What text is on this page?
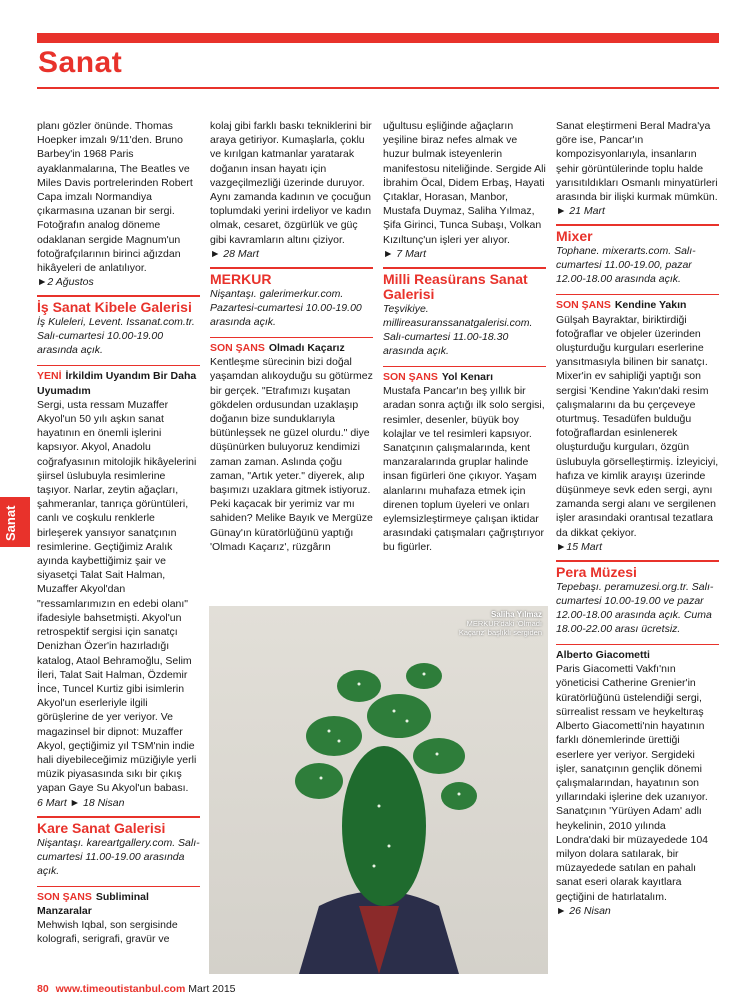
Sanat
Sanat

planı gözler önünde. Thomas Hoepker imzalı 9/11'den. Bruno Barbey'in 1968 Paris ayaklanmalarına, The Beatles ve Miles Davis portrelerinden Robert Capa imzalı Normandiya çıkarmasına uzanan bir sergi. Fotoğrafın analog döneme odaklanan sergide Magnum'un fotoğrafçılarının birinci ağızdan hikâyeleri de anlatılıyor.

►2 Ağustos

İş Sanat Kibele Galerisi

İş Kuleleri, Levent. Issanat.com.tr. Salı-cumartesi 10.00-19.00 arasında açık.

YENİ İrkildim Uyandım Bir Daha Uyumadım

Sergi, usta ressam Muzaffer Akyol'un 50 yılı aşkın sanat hayatının en önemli işlerini kapsıyor. Akyol, Anadolu coğrafyasının mitolojik hikâyelerini şiirsel üslubuyla resimlerine taşıyor. Narlar, zeytin ağaçları, şahmeranlar, tanrıça görüntüleri, canlı ve coşkulu renklerle birleşerek yansıyor sanatçının resimlerine. Geçtiğimiz Aralık ayında kaybettiğimiz şair ve siyasetçi Talat Sait Halman, Muzaffer Akyol'dan "ressamlarımızın en edebi olanı" ifadesiyle bahsetmişti. Akyol'un retrospektif sergisi için sanatçı Denizhan Özer'in hazırladığı katalog, Ataol Behramoğlu, Selim İleri, Talat Sait Halman, Özdemir İnce, Tuncel Kurtiz gibi isimlerin Akyol'un eserleriyle ilgili görüşlerine de yer veriyor. Ve magazinsel bir dipnot: Muzaffer Akyol, geçtiğimiz yıl TSM'nin indie hali diyebileceğimiz müziğiyle yerli müzik piyasasında sıkı bir çıkış yapan Gaye Su Akyol'un babası.

6 Mart ► 18 Nisan

Kare Sanat Galerisi

Nişantaşı. kareartgallery.com. Salı-cumartesi 11.00-19.00 arasında açık.

SON ŞANS Subliminal Manzaralar

Mehwish Iqbal, son sergisinde kolografi, serigrafi, gravür ve

kolaj gibi farklı baskı tekniklerini bir araya getiriyor. Kumaşlarla, çoklu ve kırılgan katmanlar yaratarak doğanın insan hayatı için vazgeçilmezliği üzerinde duruyor. Aynı zamanda kadının ve çocuğun toplumdaki yerini irdeliyor ve kadın olmak, cesaret, özgürlük ve güç gibi kavramların altını çiziyor.

► 28 Mart

MERKUR

Nişantaşı. galerimerkur.com. Pazartesi-cumartesi 10.00-19.00 arasında açık.

SON ŞANS Olmadı Kaçarız

Kentleşme sürecinin bizi doğal yaşamdan alıkoyduğu su götürmez bir gerçek. "Etrafımızı kuşatan gökdelen ordusundan uzaklaşıp doğanın bize sunduklarıyla bütünleşsek ne güzel olurdu." diye düşünürken buluyoruz kendimizi zaman zaman. Aslında çoğu zaman, "Artık yeter." diyerek, alıp başımızı uzaklara gitmek istiyoruz. Peki kaçacak bir yerimiz var mı sahiden? Melike Bayık ve Mergüze Günay'ın küratörlüğünü yaptığı 'Olmadı Kaçarız', rüzgârın

uğultusu eşliğinde ağaçların yeşiline biraz nefes almak ve huzur bulmak isteyenlerin manifestosu niteliğinde. Sergide Ali İbrahim Öcal, Didem Erbaş, Hayati Çıtaklar, Horasan, Manbor, Mustafa Duymaz, Saliha Yılmaz, Şifa Girinci, Tunca Subaşı, Volkan Kızıltunç'un işleri yer alıyor.

► 7 Mart

Milli Reasürans Sanat Galerisi

Teşvikiye. millireasuranssanatgalerisi.com. Salı-cumartesi 11.00-18.30 arasında açık.

SON ŞANS Yol Kenarı

Mustafa Pancar'ın beş yıllık bir aradan sonra açtığı ilk solo sergisi, resimler, desenler, büyük boy kolajlar ve tel resimleri kapsıyor. Sanatçının çalışmalarında, kent manzaralarında gruplar halinde insan figürleri öne çıkıyor. Yaşam alanlarını muhafaza etmek için direnen toplum üyeleri ve onları eylemsizleştirmeye çalışan iktidar arasındaki çatışmaları çağrıştırıyor bu figürler.

Sanat eleştirmeni Beral Madra'ya göre ise, Pancar'ın kompozisyonlarıyla, insanların şehir görüntülerinde toplu halde yarısıtıldıkları Osmanlı minyatürleri arasında bir ilişki kurmak mümkün.

► 21 Mart

Mixer

Tophane. mixerarts.com. Salı-cumartesi 11.00-19.00, pazar 12.00-18.00 arasında açık.

SON ŞANS Kendine Yakın

Gülşah Bayraktar, biriktirdiği fotoğraflar ve objeler üzerinden oluşturduğu kurguları eserlerine yansıtmasıyla bilinen bir sanatçı. Mixer'in ev sahipliği yaptığı son sergisi 'Kendine Yakın'daki resim çalışmalarını da bu çerçeveye oturtmuş. Tesadüfen bulduğu fotoğraflardan esinlenerek oluşturduğu kurguları, özgün üslubuyla görselleştirmiş. İzleyiciyi, hafıza ve kimlik arayışı üzerinde düşünmeye sevk eden sergi, aynı zamanda sergi alanı ve sergilenen işler arasındaki orantısal tezatlara da dikkat çekiyor.

►15 Mart

Pera Müzesi

Tepebaşı. peramuzesi.org.tr. Salı-cumartesi 10.00-19.00 ve pazar 12.00-18.00 arasında açık. Cuma 18.00-22.00 arası ücretsiz.

Alberto Giacometti

Paris Giacometti Vakfı'nın yöneticisi Catherine Grenier'in küratörlüğünü üstelendiği sergi, sürrealist ressam ve heykeltıraş Alberto Giacometti'nin hayatının farklı dönemlerinde ürettiği eserlere yer veriyor. Sergideki işler, sanatçının gençlik dönemi çalışmalarından, hayatının son yıllarındaki işlerine dek uzanıyor. Sanatçının 'Yürüyen Adam' adlı heykelinin, 2010 yılında Londra'daki bir müzayedede 104 milyon dolara satılarak, bir müzayedede satılan en pahalı sanat eseri olarak kayıtlara geçtiğini de hatırlatalım.

► 26 Nisan

Saliha Yılmaz
MERKUR'daki 'Olmadı Kaçarız' başlıklı sergiden
80 www.timeoutistanbul.com Mart 2015
